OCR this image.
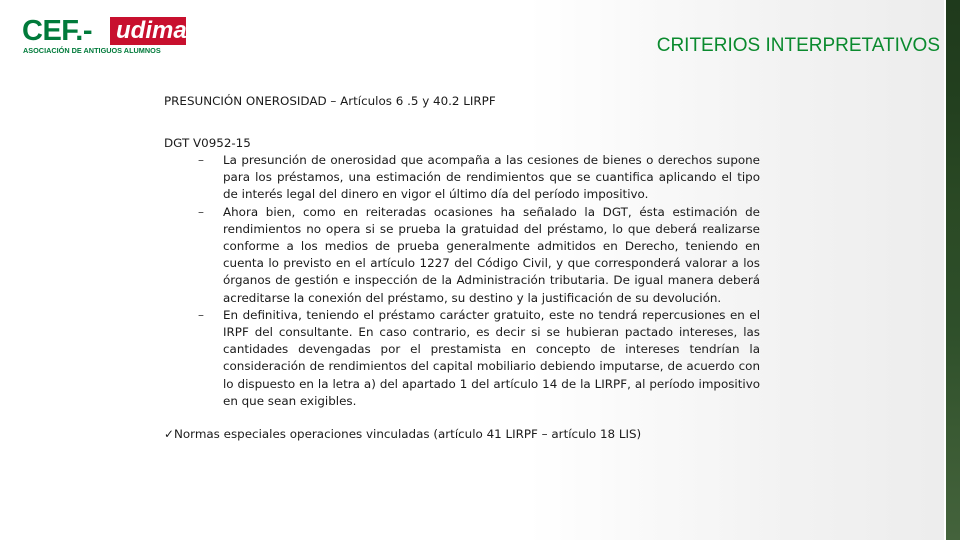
CEF.- udima
ASOCIACIÓN DE ANTIGUOS ALUMNOS	CRITERIOS INTERPRETATIVOS

PRESUNCIÓN ONEROSIDAD – Artículos 6 .5 y 40.2 LIRPF

DGT V0952-15

– La presunción de onerosidad que acompaña a las cesiones de bienes o derechos supone para los préstamos, una estimación de rendimientos que se cuantifica aplicando el tipo de interés legal del dinero en vigor el último día del período impositivo.
– Ahora bien, como en reiteradas ocasiones ha señalado la DGT, ésta estimación de rendimientos no opera si se prueba la gratuidad del préstamo, lo que deberá realizarse conforme a los medios de prueba generalmente admitidos en Derecho, teniendo en cuenta lo previsto en el artículo 1227 del Código Civil, y que corresponderá valorar a los órganos de gestión e inspección de la Administración tributaria. De igual manera deberá acreditarse la conexión del préstamo, su destino y la justificación de su devolución.
– En definitiva, teniendo el préstamo carácter gratuito, este no tendrá repercusiones en el IRPF del consultante. En caso contrario, es decir si se hubieran pactado intereses, las cantidades devengadas por el prestamista en concepto de intereses tendrían la consideración de rendimientos del capital mobiliario debiendo imputarse, de acuerdo con lo dispuesto en la letra a) del apartado 1 del artículo 14 de la LIRPF, al período impositivo en que sean exigibles.

✓Normas especiales operaciones vinculadas (artículo 41 LIRPF – artículo 18 LIS)
